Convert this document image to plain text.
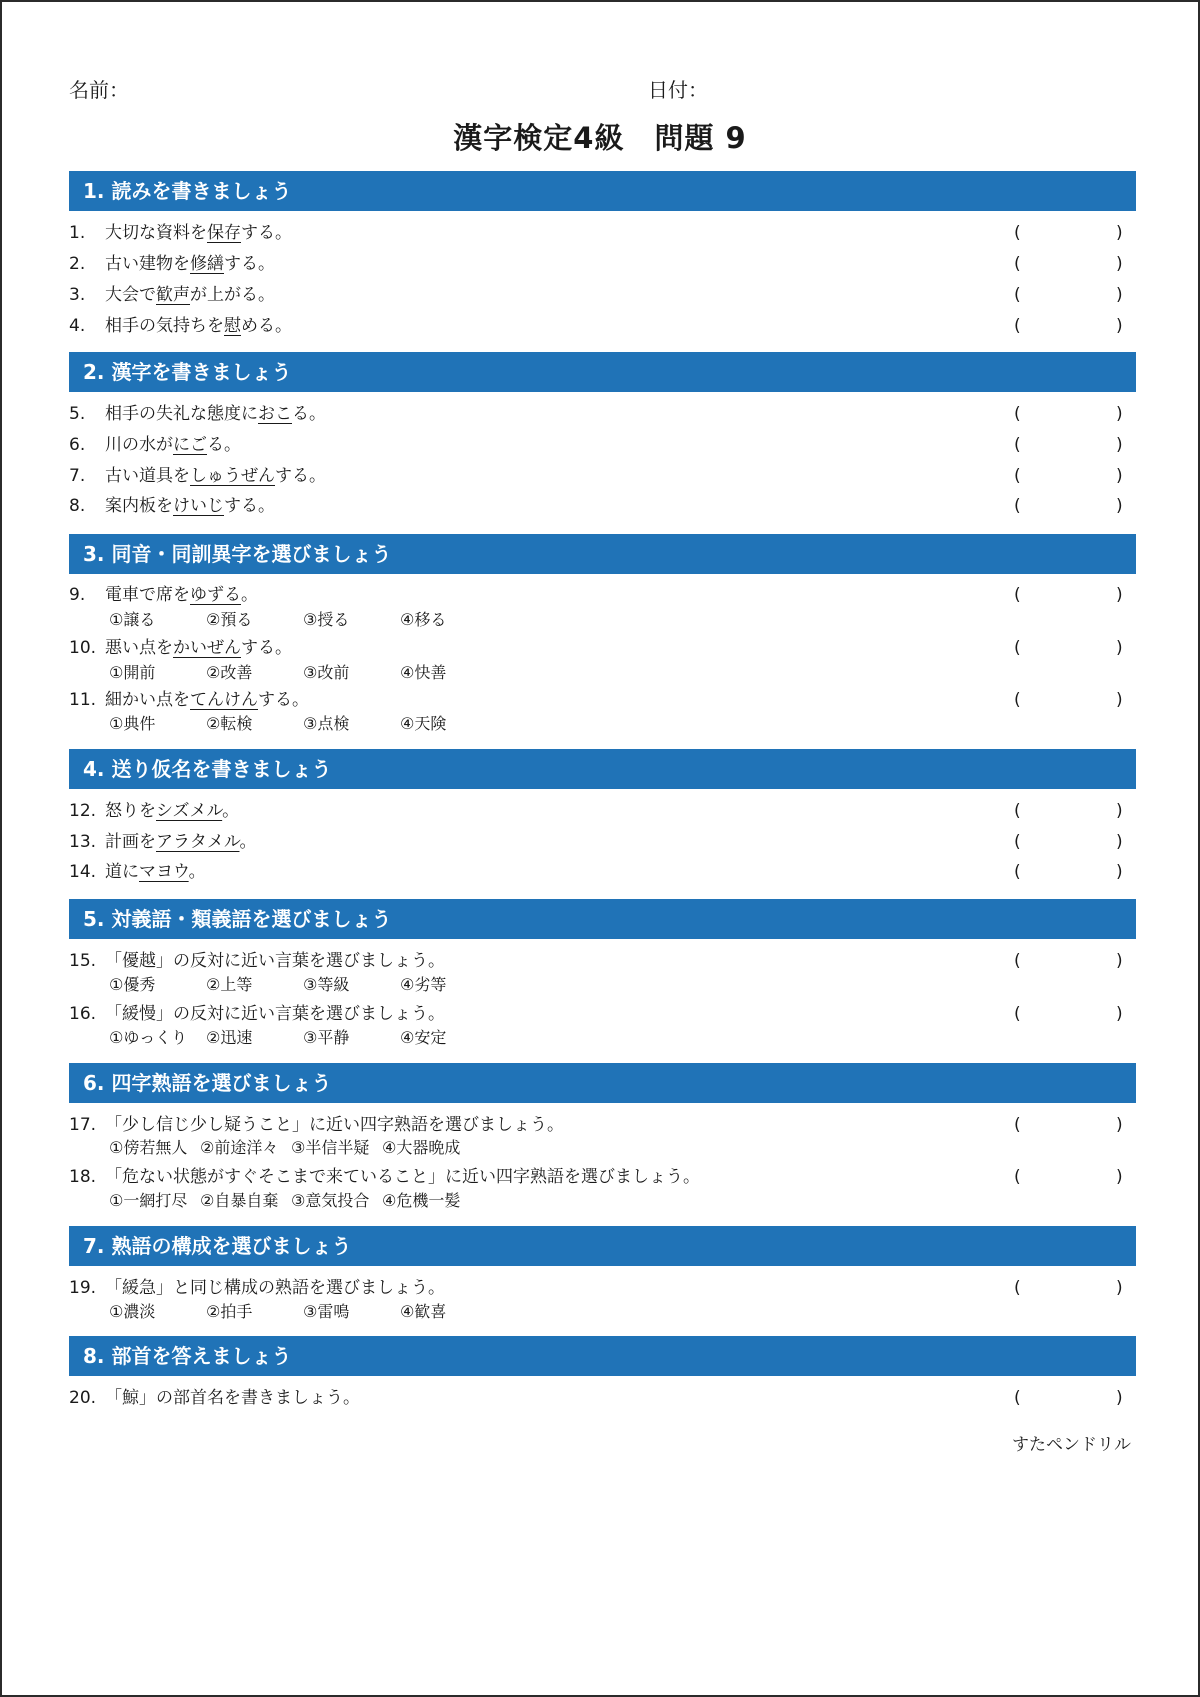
名前：	日付：
漢字検定4級　問題 9
1. 読みを書きましょう
1. 大切な資料を保存する。	(	)
2. 古い建物を修繕する。	(	)
3. 大会で歓声が上がる。	(	)
4. 相手の気持ちを慰める。	(	)
2. 漢字を書きましょう
5. 相手の失礼な態度におこる。	(	)
6. 川の水がにごる。	(	)
7. 古い道具をしゅうぜんする。	(	)
8. 案内板をけいじする。	(	)
3. 同音・同訓異字を選びましょう
9. 電車で席をゆずる。	(	)
①譲る	②預る	③授る	④移る
10. 悪い点をかいぜんする。	(	)
①開前	②改善	③改前	④快善
11. 細かい点をてんけんする。	(	)
①典件	②転検	③点検	④天険
4. 送り仮名を書きましょう
12. 怒りをシズメル。	(	)
13. 計画をアラタメル。	(	)
14. 道にマヨウ。	(	)
5. 対義語・類義語を選びましょう
15. 「優越」の反対に近い言葉を選びましょう。	(	)
①優秀	②上等	③等級	④劣等
16. 「緩慢」の反対に近い言葉を選びましょう。	(	)
①ゆっくり ②迅速	③平静	④安定
6. 四字熟語を選びましょう
17. 「少し信じ少し疑うこと」に近い四字熟語を選びましょう。	(	)
①傍若無人 ②前途洋々 ③半信半疑 ④大器晩成
18. 「危ない状態がすぐそこまで来ていること」に近い四字熟語を選びましょう。	(	)
①一網打尽 ②自暴自棄 ③意気投合 ④危機一髪
7. 熟語の構成を選びましょう
19. 「緩急」と同じ構成の熟語を選びましょう。	(	)
①濃淡	②拍手	③雷鳴	④歓喜
8. 部首を答えましょう
20. 「鯨」の部首名を書きましょう。	(	)
すたペンドリル
